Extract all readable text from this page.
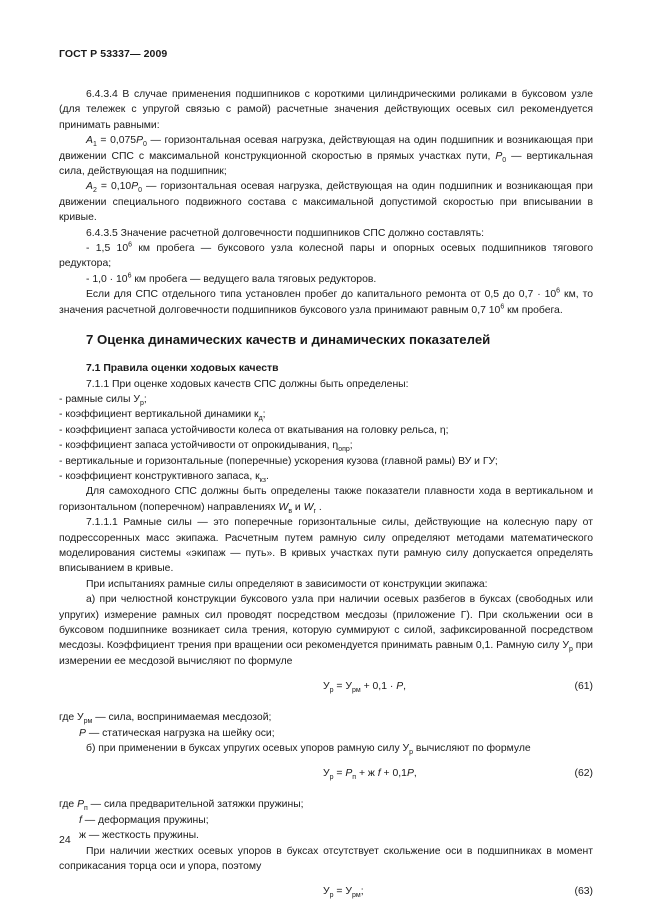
ГОСТ Р 53337— 2009

6.4.3.4 В случае применения подшипников с короткими цилиндрическими роликами в буксовом узле (для тележек с упругой связью с рамой) расчетные значения действующих осевых сил рекомендуется принимать равными:

$A_1 = 0,075P_0$ — горизонтальная осевая нагрузка, действующая на один подшипник и возникающая при движении СПС с максимальной конструкционной скоростью в прямых участках пути, $P_0$ — вертикальная сила, действующая на подшипник;

$A_2 = 0,10P_0$ — горизонтальная осевая нагрузка, действующая на один подшипник и возникающая при движении специального подвижного состава с максимальной допустимой скоростью при вписывании в кривые.

6.4.3.5 Значение расчетной долговечности подшипников СПС должно составлять:

- 1,5 $10^6$ км пробега — буксового узла колесной пары и опорных осевых подшипников тягового редуктора;

- $1,0 \cdot 10^6$ км пробега — ведущего вала тяговых редукторов.

Если для СПС отдельного типа установлен пробег до капитального ремонта от 0,5 до $0,7 \cdot 10^6$ км, то значения расчетной долговечности подшипников буксового узла принимают равным 0,7 $10^6$ км пробега.

7 Оценка динамических качеств и динамических показателей

7.1 Правила оценки ходовых качеств

7.1.1 При оценке ходовых качеств СПС должны быть определены:

- рамные силы $У_р$;

- коэффициент вертикальной динамики $к_д$;

- коэффициент запаса устойчивости колеса от вкатывания на головку рельса, η;

- коэффициент запаса устойчивости от опрокидывания, $\eta_{опр}$;

- вертикальные и горизонтальные (поперечные) ускорения кузова (главной рамы) ВУ и ГУ;

- коэффициент конструктивного запаса, $к_{кз}$.

Для самоходного СПС должны быть определены также показатели плавности хода в вертикальном и горизонтальном (поперечном) направлениях $W_в$ и $W_г$ .

7.1.1.1 Рамные силы — это поперечные горизонтальные силы, действующие на колесную пару от подрессоренных масс экипажа. Расчетным путем рамную силу определяют методами математического моделирования системы «экипаж — путь». В кривых участках пути рамную силу допускается определять вписыванием в кривые.

При испытаниях рамные силы определяют в зависимости от конструкции экипажа:

а) при челюстной конструкции буксового узла при наличии осевых разбегов в буксах (свободных или упругих) измерение рамных сил проводят посредством месдозы (приложение Г). При скольжении оси в буксовом подшипнике возникает сила трения, которую суммируют с силой, зафиксированной посредством месдозы. Коэффициент трения при вращении оси рекомендуется принимать равным 0,1. Рамную силу $У_р$ при измерении ее месдозой вычисляют по формуле

$У_р = У_{рм} + 0,1 \cdot P$,	(61)

где $У_{рм}$ — сила, воспринимаемая месдозой;

P — статическая нагрузка на шейку оси;

б) при применении в буксах упругих осевых упоров рамную силу $У_р$ вычисляют по формуле

$У_р = P_п + ж$ f + 0,1P,	(62)

где $P_п$ — сила предварительной затяжки пружины;

f — деформация пружины;

ж — жесткость пружины.

При наличии жестких осевых упоров в буксах отсутствует скольжение оси в подшипниках в момент соприкасания торца оси и упора, поэтому

$У_р = У_{рм}$;	(63)
24
